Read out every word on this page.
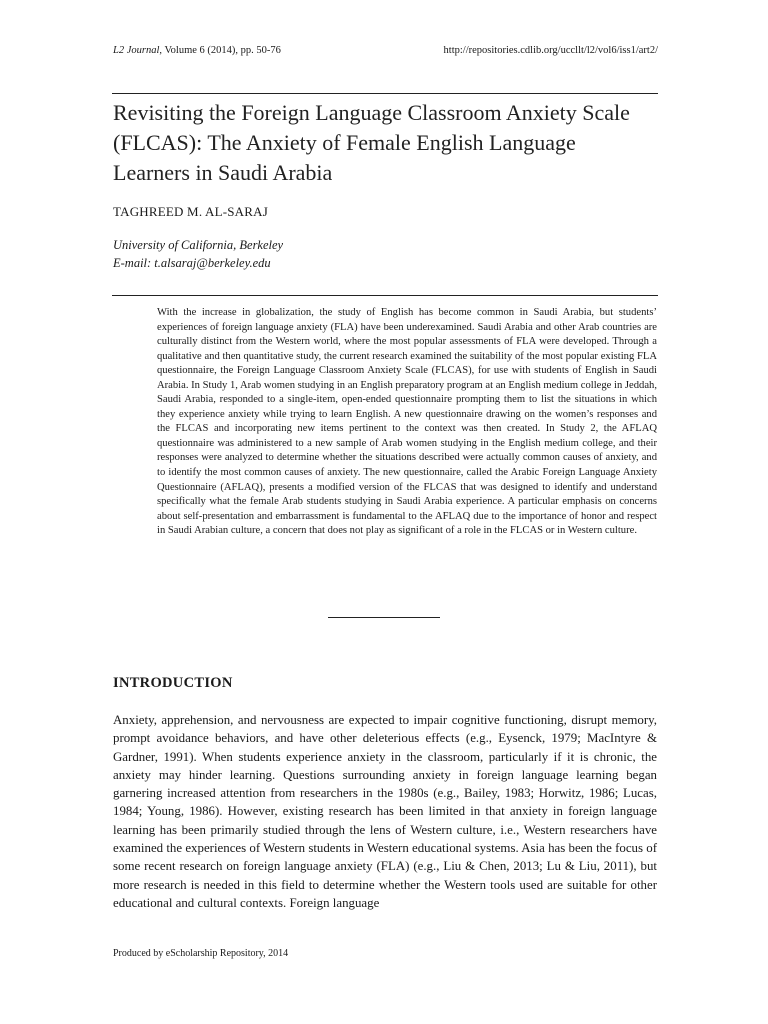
L2 Journal, Volume 6 (2014), pp. 50-76	http://repositories.cdlib.org/uccllt/l2/vol6/iss1/art2/
Revisiting the Foreign Language Classroom Anxiety Scale (FLCAS): The Anxiety of Female English Language Learners in Saudi Arabia
TAGHREED M. AL-SARAJ
University of California, Berkeley
E-mail: t.alsaraj@berkeley.edu

With the increase in globalization, the study of English has become common in Saudi Arabia, but students’ experiences of foreign language anxiety (FLA) have been underexamined. Saudi Arabia and other Arab countries are culturally distinct from the Western world, where the most popular assessments of FLA were developed. Through a qualitative and then quantitative study, the current research examined the suitability of the most popular existing FLA questionnaire, the Foreign Language Classroom Anxiety Scale (FLCAS), for use with students of English in Saudi Arabia. In Study 1, Arab women studying in an English preparatory program at an English medium college in Jeddah, Saudi Arabia, responded to a single-item, open-ended questionnaire prompting them to list the situations in which they experience anxiety while trying to learn English. A new questionnaire drawing on the women’s responses and the FLCAS and incorporating new items pertinent to the context was then created. In Study 2, the AFLAQ questionnaire was administered to a new sample of Arab women studying in the English medium college, and their responses were analyzed to determine whether the situations described were actually common causes of anxiety, and to identify the most common causes of anxiety. The new questionnaire, called the Arabic Foreign Language Anxiety Questionnaire (AFLAQ), presents a modified version of the FLCAS that was designed to identify and understand specifically what the female Arab students studying in Saudi Arabia experience. A particular emphasis on concerns about self-presentation and embarrassment is fundamental to the AFLAQ due to the importance of honor and respect in Saudi Arabian culture, a concern that does not play as significant of a role in the FLCAS or in Western culture.

INTRODUCTION

Anxiety, apprehension, and nervousness are expected to impair cognitive functioning, disrupt memory, prompt avoidance behaviors, and have other deleterious effects (e.g., Eysenck, 1979; MacIntyre & Gardner, 1991). When students experience anxiety in the classroom, particularly if it is chronic, the anxiety may hinder learning. Questions surrounding anxiety in foreign language learning began garnering increased attention from researchers in the 1980s (e.g., Bailey, 1983; Horwitz, 1986; Lucas, 1984; Young, 1986). However, existing research has been limited in that anxiety in foreign language learning has been primarily studied through the lens of Western culture, i.e., Western researchers have examined the experiences of Western students in Western educational systems. Asia has been the focus of some recent research on foreign language anxiety (FLA) (e.g., Liu & Chen, 2013; Lu & Liu, 2011), but more research is needed in this field to determine whether the Western tools used are suitable for other educational and cultural contexts. Foreign language

Produced by eScholarship Repository, 2014
